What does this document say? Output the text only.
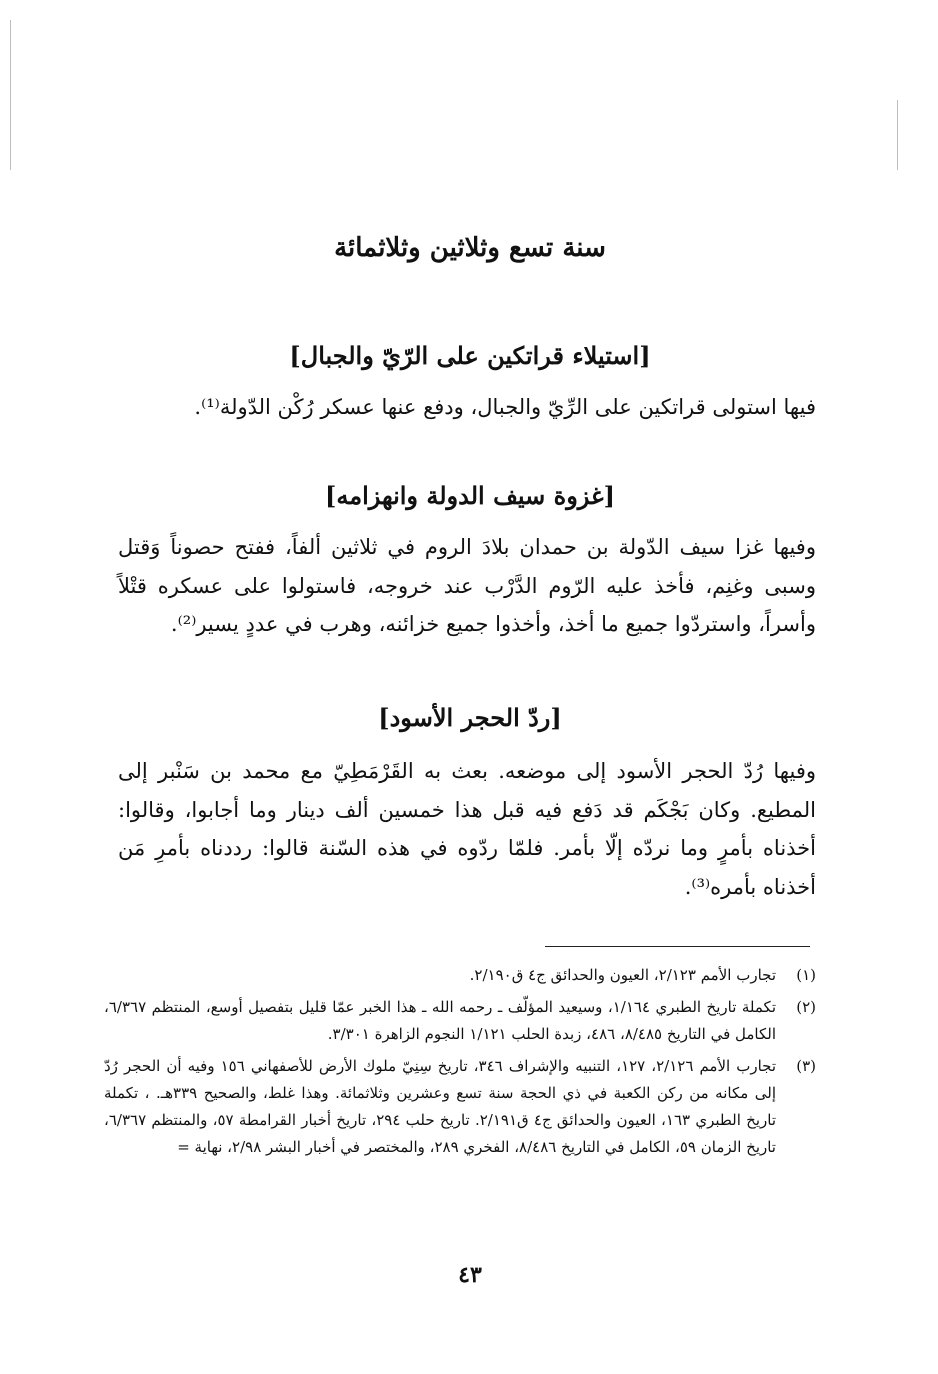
سنة تسع وثلاثين وثلاثمائة
[استيلاء قراتكين على الرّيّ والجبال]
فيها استولى قراتكين على الرِّيّ والجبال، ودفع عنها عسكر رُكْن الدّولة⁽¹⁾.
[غزوة سيف الدولة وانهزامه]
وفيها غزا سيف الدّولة بن حمدان بلادَ الروم في ثلاثين ألفاً، ففتح حصوناً وَقتل وسبى وغنِم، فأخذ عليه الرّوم الدَّرْب عند خروجه، فاستولوا على عسكره قتْلاً وأسراً، واستردّوا جميع ما أخذ، وأخذوا جميع خزائنه، وهرب في عددٍ يسير⁽²⁾.
[ردّ الحجر الأسود]
وفيها رُدّ الحجر الأسود إلى موضعه. بعث به القَرْمَطِيّ مع محمد بن سَنْبر إلى المطيع. وكان بَجْكَم قد دَفع فيه قبل هذا خمسين ألف دينار وما أجابوا، وقالوا: أخذناه بأمرٍ وما نردّه إلّا بأمر. فلمّا ردّوه في هذه السّنة قالوا: رددناه بأمرِ مَن أخذناه بأمره⁽³⁾.
(١)
تجارب الأمم ٢/١٢٣، العيون والحدائق ج٤ ق٢/١٩٠.
(٢)
تكملة تاريخ الطبري ١/١٦٤، وسيعيد المؤلّف ـ رحمه الله ـ هذا الخبر عمّا قليل بتفصيل أوسع، المنتظم ٦/٣٦٧، الكامل في التاريخ ٨/٤٨٥، ٤٨٦، زبدة الحلب ١/١٢١ النجوم الزاهرة ٣/٣٠١.
(٣)
تجارب الأمم ٢/١٢٦، ١٢٧، التنبيه والإشراف ٣٤٦، تاريخ سِنِيّ ملوك الأرض للأصفهاني ١٥٦ وفيه أن الحجر رُدّ إلى مكانه من ركن الكعبة في ذي الحجة سنة تسع وعشرين وثلاثمائة. وهذا غلط، والصحيح ٣٣٩هـ. ، تكملة تاريخ الطبري ١٦٣، العيون والحدائق ج٤ ق٢/١٩١. تاريخ حلب ٢٩٤، تاريخ أخبار القرامطة ٥٧، والمنتظم ٦/٣٦٧، تاريخ الزمان ٥٩، الكامل في التاريخ ٨/٤٨٦، الفخري ٢٨٩، والمختصر في أخبار البشر ٢/٩٨، نهاية =
٤٣
